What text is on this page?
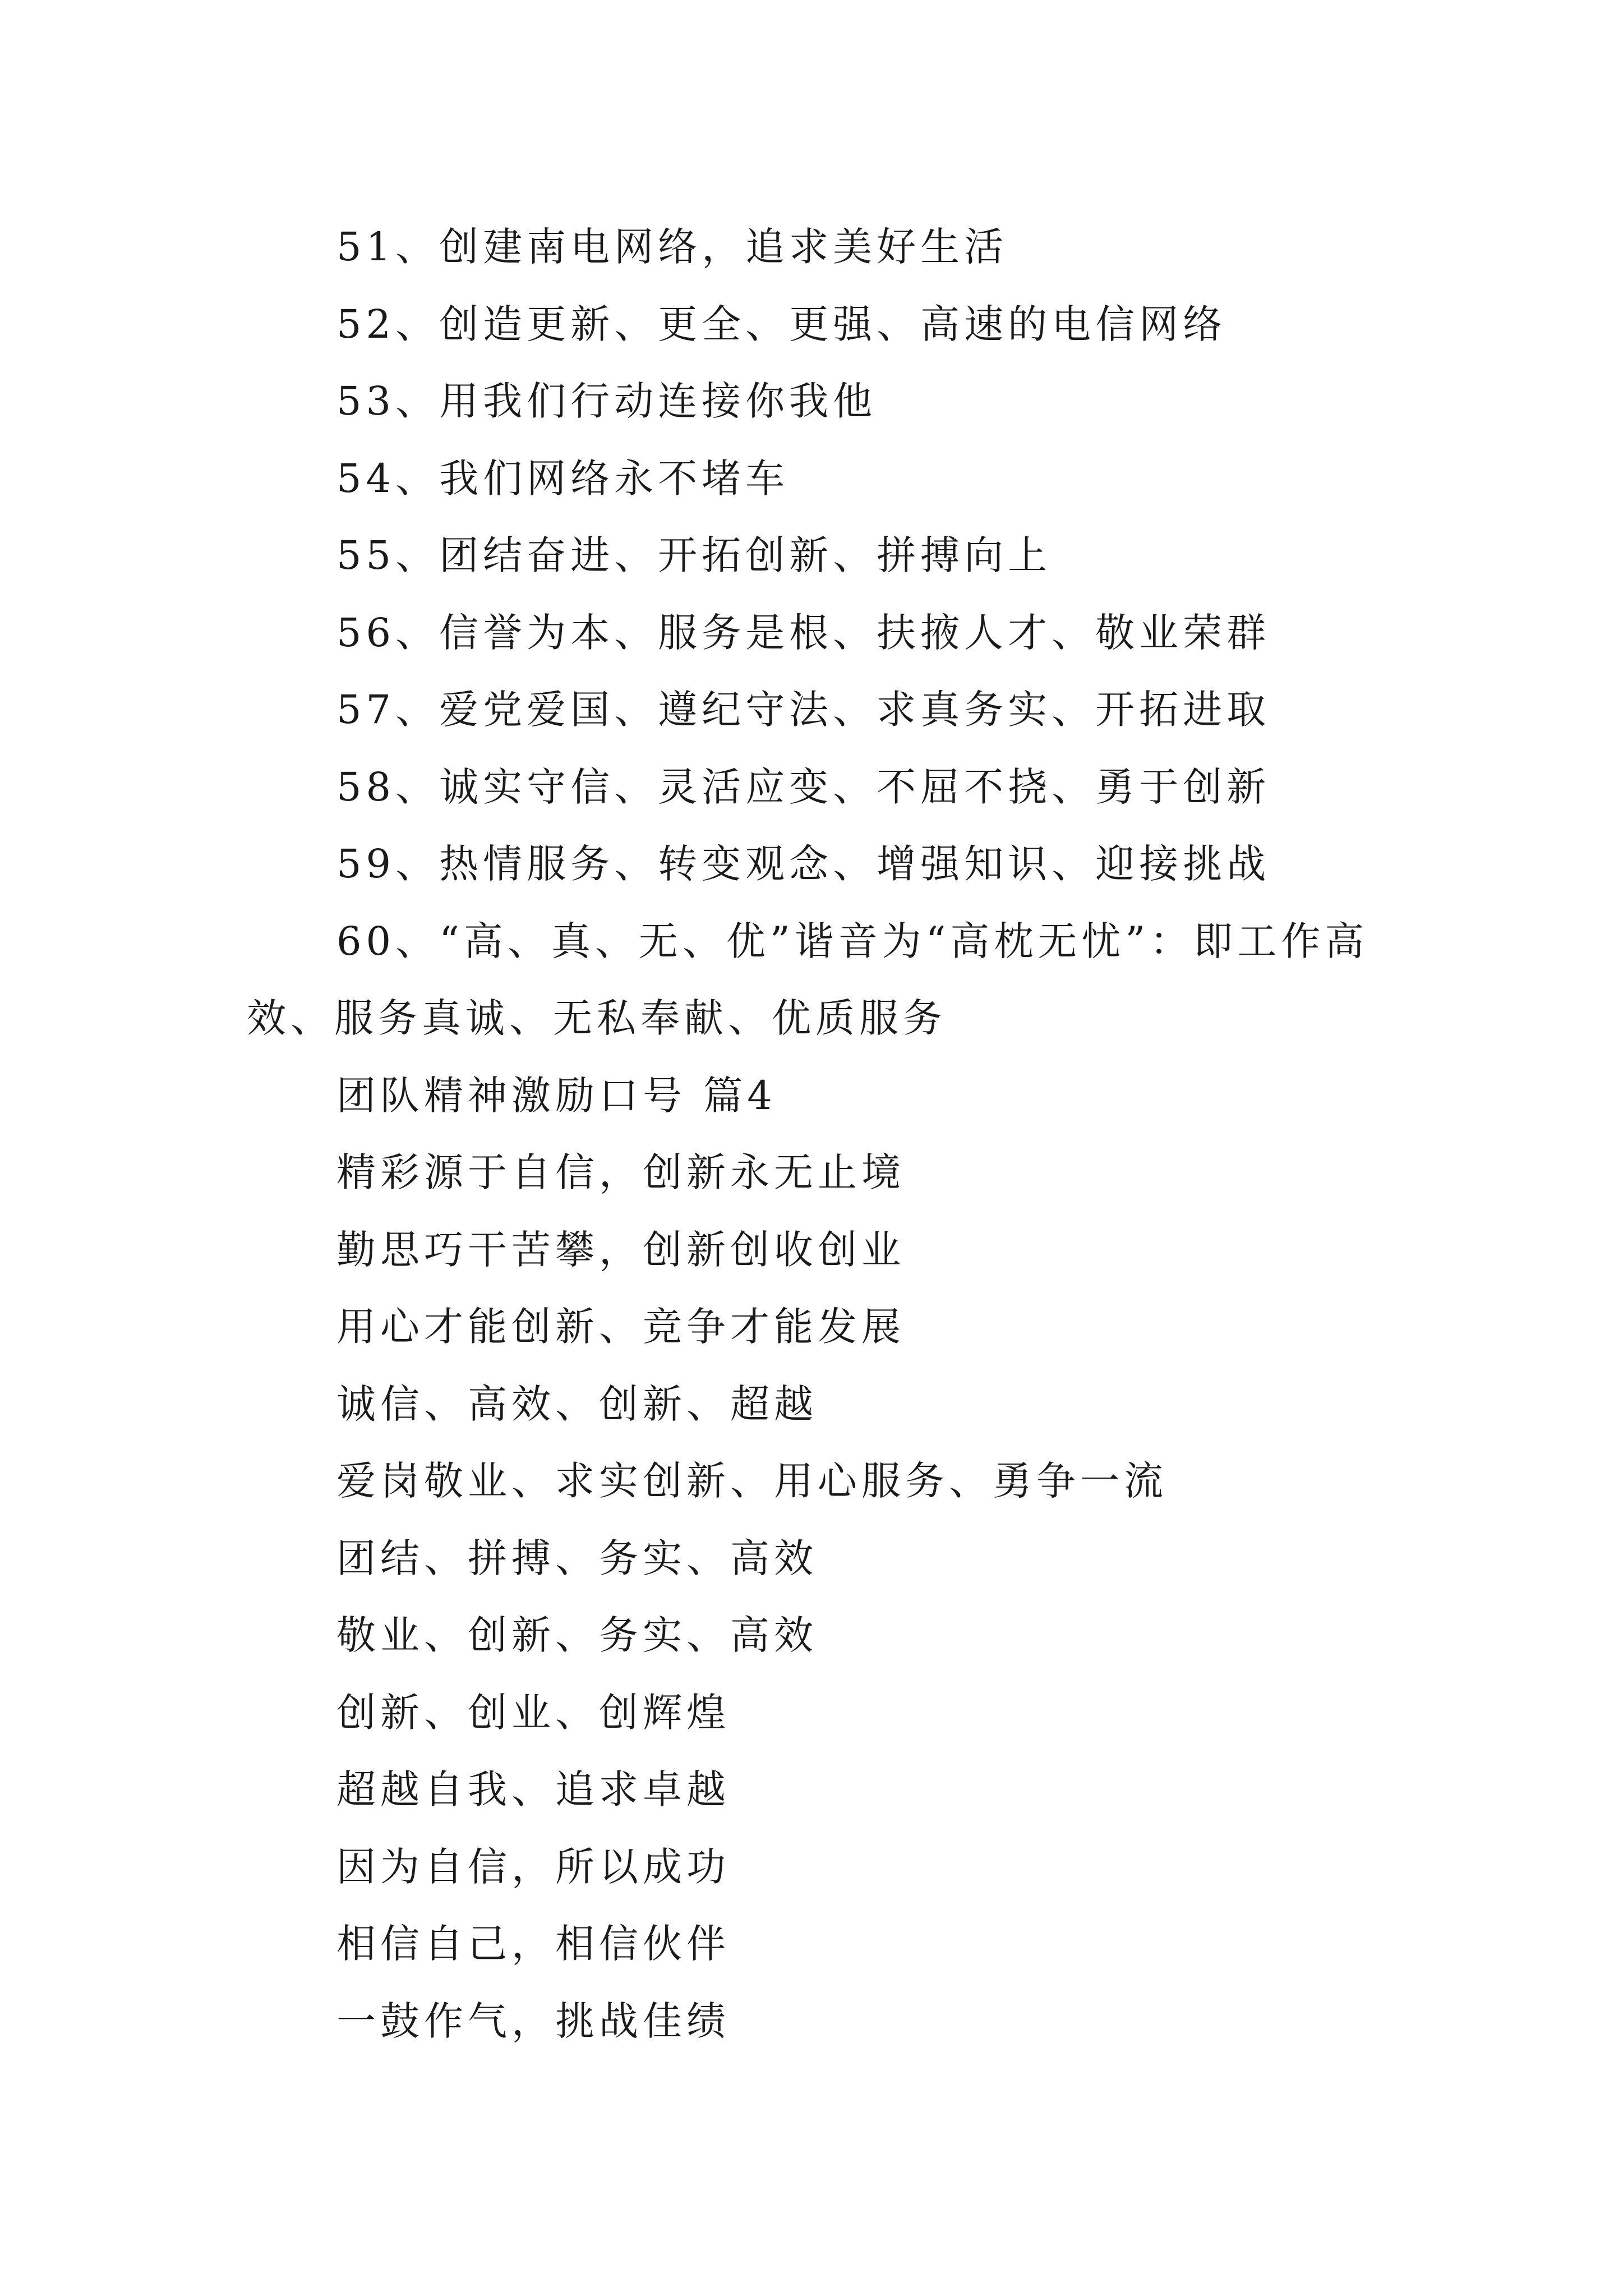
51、创建南电网络，追求美好生活

52、创造更新、更全、更强、高速的电信网络

53、用我们行动连接你我他

54、我们网络永不堵车

55、团结奋进、开拓创新、拼搏向上

56、信誉为本、服务是根、扶掖人才、敬业荣群

57、爱党爱国、遵纪守法、求真务实、开拓进取

58、诚实守信、灵活应变、不屈不挠、勇于创新

59、热情服务、转变观念、增强知识、迎接挑战

60、“高、真、无、优”谐音为“高枕无忧”：即工作高效、服务真诚、无私奉献、优质服务

团队精神激励口号 篇4

精彩源于自信，创新永无止境

勤思巧干苦攀，创新创收创业

用心才能创新、竞争才能发展

诚信、高效、创新、超越

爱岗敬业、求实创新、用心服务、勇争一流

团结、拼搏、务实、高效

敬业、创新、务实、高效

创新、创业、创辉煌

超越自我、追求卓越

因为自信，所以成功

相信自己，相信伙伴

一鼓作气，挑战佳绩
